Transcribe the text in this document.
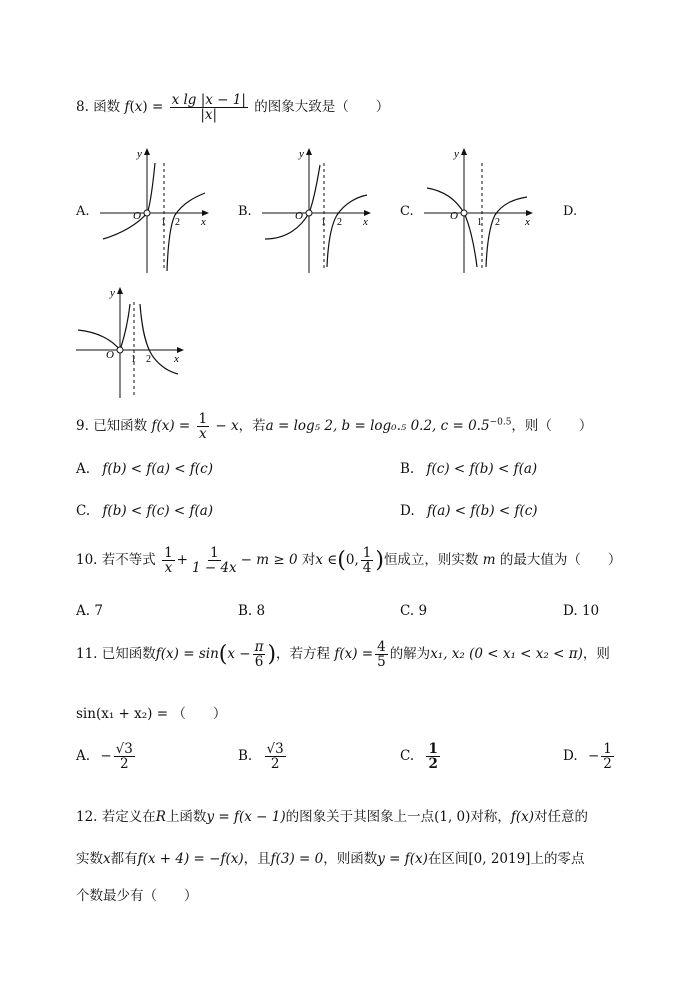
8. 函数 $f(x) = \frac{\text{x lg |x − 1|}}{|x|}$ 的图象大致是（　　）
A.	B.	C.	D.
y
x
O
1 2
y
x
O
1 2
y
x
O
1 2
y
x
O 1 2
9. 已知函数 $f(x) = \frac{1}{x} - x$，若a = log₅ 2, b = log₀.₅ 0.2, $c = 0.5^{-0.5}$，则（　　）
A. f(b) < f(a) < f(c)	B. f(c) < f(b) < f(a)
C. f(b) < f(c) < f(a)	D. f(a) < f(b) < f(c)
10. 若不等式 $\frac{1}{x} + \frac{1}{1 - 4x} - m \ge 0$ 对x ∈(0, $\frac{1}{4}$ )恒成立，则实数 m 的最大值为（　　）
A. 7	B. 8	C. 9	D. 10
11. 已知函数$f(x) = \sin(x - \frac{\pi}{6}$ )，若方程 $f(x) = \frac{4}{5}$ 的解为x₁, x₂ (0 < x₁ < x₂ < π)，则
sin(x₁ + x₂) = （　　）
A. − $\frac{√3}{2}$	B. $\frac{√3}{2}$	C. $\frac{1}{2}$	D. − $\frac{1}{2}$
12. 若定义在R上函数y = f(x − 1)的图象关于其图象上一点(1, 0)对称，f(x)对任意的
实数x都有f(x + 4) = −f(x)，且f(3) = 0，则函数y = f(x)在区间[0, 2019]上的零点
个数最少有（　　）
